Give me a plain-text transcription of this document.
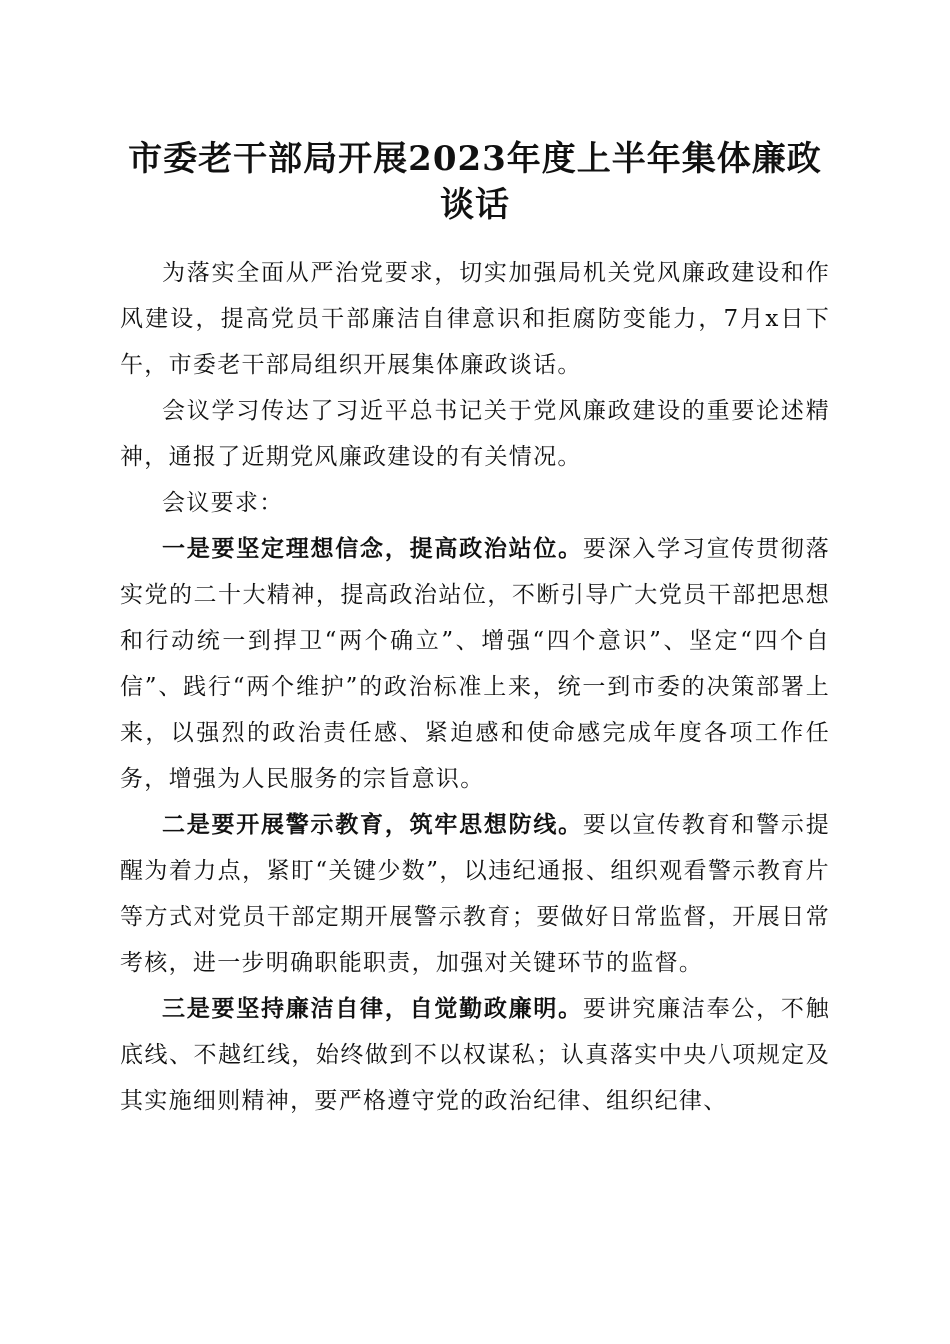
市委老干部局开展2023年度上半年集体廉政
谈话

为落实全面从严治党要求，切实加强局机关党风廉政建设和作风建设，提高党员干部廉洁自律意识和拒腐防变能力，7月x日下午，市委老干部局组织开展集体廉政谈话。

会议学习传达了习近平总书记关于党风廉政建设的重要论述精神，通报了近期党风廉政建设的有关情况。

会议要求：

一是要坚定理想信念，提高政治站位。要深入学习宣传贯彻落实党的二十大精神，提高政治站位，不断引导广大党员干部把思想和行动统一到捍卫“两个确立”、增强“四个意识”、坚定“四个自信”、践行“两个维护”的政治标准上来，统一到市委的决策部署上来，以强烈的政治责任感、紧迫感和使命感完成年度各项工作任务，增强为人民服务的宗旨意识。

二是要开展警示教育，筑牢思想防线。要以宣传教育和警示提醒为着力点，紧盯“关键少数”，以违纪通报、组织观看警示教育片等方式对党员干部定期开展警示教育；要做好日常监督，开展日常考核，进一步明确职能职责，加强对关键环节的监督。

三是要坚持廉洁自律，自觉勤政廉明。要讲究廉洁奉公，不触底线、不越红线，始终做到不以权谋私；认真落实中央八项规定及其实施细则精神，要严格遵守党的政治纪律、组织纪律、
